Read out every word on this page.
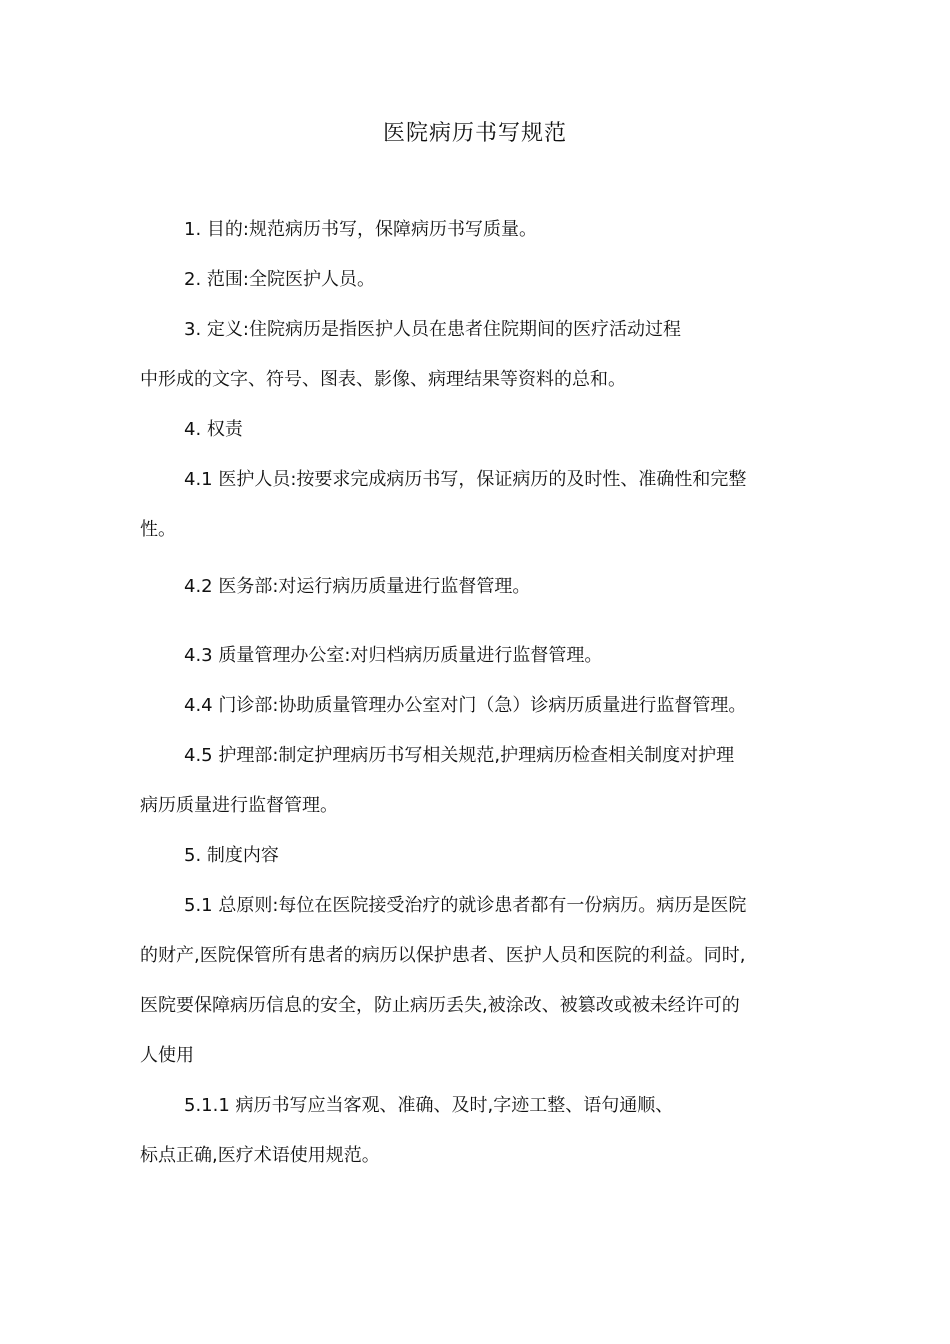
医院病历书写规范
1. 目的:规范病历书写，保障病历书写质量。
2. 范围:全院医护人员。
3. 定义:住院病历是指医护人员在患者住院期间的医疗活动过程
中形成的文字、符号、图表、影像、病理结果等资料的总和。
4. 权责
4.1 医护人员:按要求完成病历书写，保证病历的及时性、准确性和完整
性。
4.2 医务部:对运行病历质量进行监督管理。
4.3 质量管理办公室:对归档病历质量进行监督管理。
4.4 门诊部:协助质量管理办公室对门（急）诊病历质量进行监督管理。
4.5 护理部:制定护理病历书写相关规范,护理病历检查相关制度对护理
病历质量进行监督管理。
5. 制度内容
5.1 总原则:每位在医院接受治疗的就诊患者都有一份病历。病历是医院
的财产,医院保管所有患者的病历以保护患者、医护人员和医院的利益。同时,
医院要保障病历信息的安全，防止病历丢失,被涂改、被篡改或被未经许可的
人使用
5.1.1 病历书写应当客观、准确、及时,字迹工整、语句通顺、
标点正确,医疗术语使用规范。
